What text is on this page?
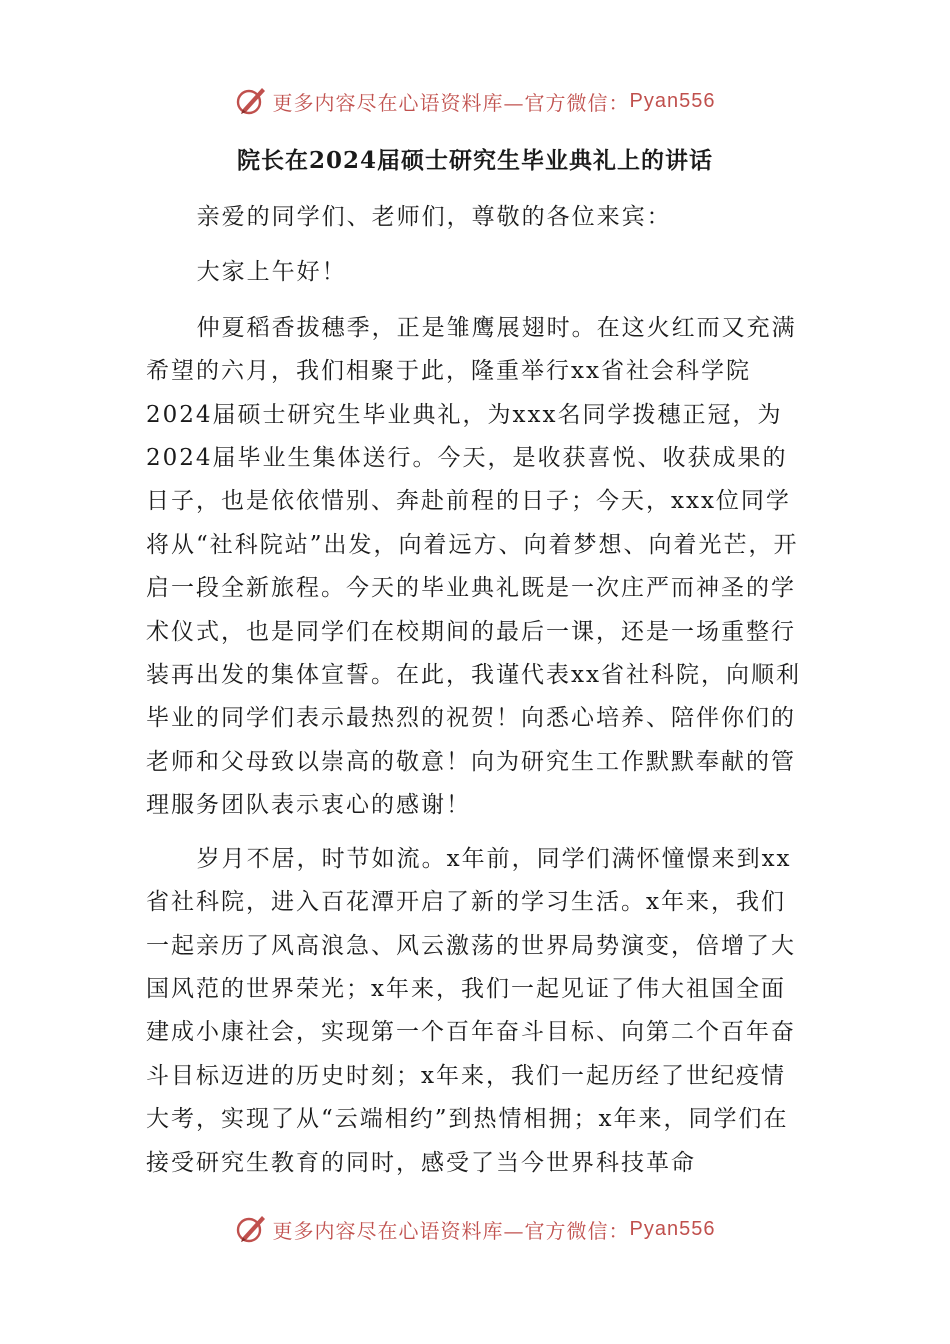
更多内容尽在心语资料库—官方微信： Pyan556
院长在2024届硕士研究生毕业典礼上的讲话

亲爱的同学们、老师们，尊敬的各位来宾：

大家上午好！

仲夏稻香拔穗季，正是雏鹰展翅时。在这火红而又充满希望的六月，我们相聚于此，隆重举行xx省社会科学院2024届硕士研究生毕业典礼，为xxx名同学拨穗正冠，为2024届毕业生集体送行。今天，是收获喜悦、收获成果的日子，也是依依惜别、奔赴前程的日子；今天，xxx位同学将从“社科院站”出发，向着远方、向着梦想、向着光芒，开启一段全新旅程。今天的毕业典礼既是一次庄严而神圣的学术仪式，也是同学们在校期间的最后一课，还是一场重整行装再出发的集体宣誓。在此，我谨代表xx省社科院，向顺利毕业的同学们表示最热烈的祝贺！向悉心培养、陪伴你们的老师和父母致以崇高的敬意！向为研究生工作默默奉献的管理服务团队表示衷心的感谢！

岁月不居，时节如流。x年前，同学们满怀憧憬来到xx省社科院，进入百花潭开启了新的学习生活。x年来，我们一起亲历了风高浪急、风云激荡的世界局势演变，倍增了大国风范的世界荣光；x年来，我们一起见证了伟大祖国全面建成小康社会，实现第一个百年奋斗目标、向第二个百年奋斗目标迈进的历史时刻；x年来，我们一起历经了世纪疫情大考，实现了从“云端相约”到热情相拥；x年来，同学们在接受研究生教育的同时，感受了当今世界科技革命

更多内容尽在心语资料库—官方微信： Pyan556
